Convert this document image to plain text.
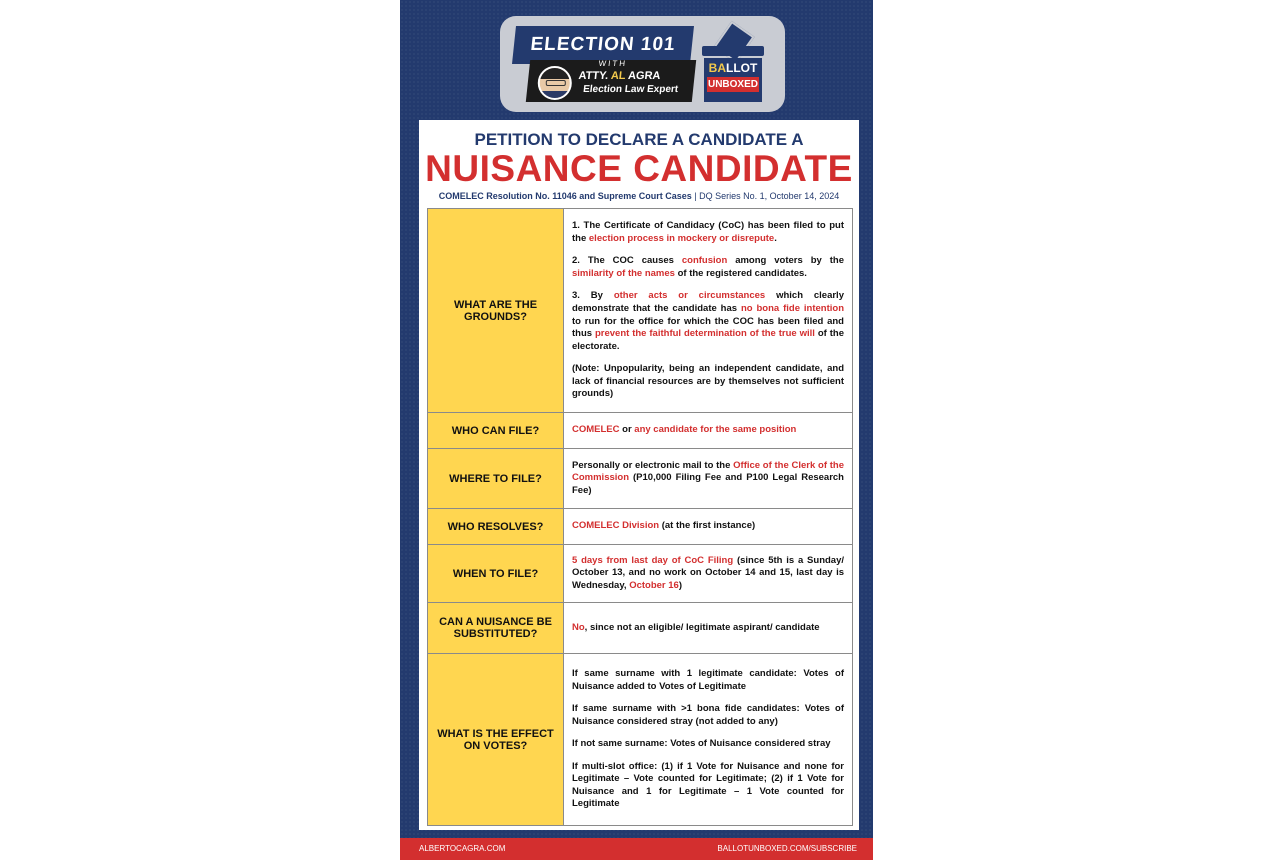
ELECTION 101
WITH
ATTY. AL AGRA
Election Law Expert
BALLOT
UNBOXED
PETITION TO DECLARE A CANDIDATE A
NUISANCE CANDIDATE
COMELEC Resolution No. 11046 and Supreme Court Cases | DQ Series No. 1, October 14, 2024
WHAT ARE THE GROUNDS?	1. The Certificate of Candidacy (CoC) has been filed to put the election process in mockery or disrepute.

2. The COC causes confusion among voters by the similarity of the names of the registered candidates.

3. By other acts or circumstances which clearly demonstrate that the candidate has no bona fide intention to run for the office for which the COC has been filed and thus prevent the faithful determination of the true will of the electorate.

(Note: Unpopularity, being an independent candidate, and lack of financial resources are by themselves not sufficient grounds)

WHO CAN FILE?	COMELEC or any candidate for the same position
WHERE TO FILE?	Personally or electronic mail to the Office of the Clerk of the Commission (P10,000 Filing Fee and P100 Legal Research Fee)
WHO RESOLVES?	COMELEC Division (at the first instance)
WHEN TO FILE?	5 days from last day of CoC Filing (since 5th is a Sunday/ October 13, and no work on October 14 and 15, last day is Wednesday, October 16)
CAN A NUISANCE BE SUBSTITUTED?	No, since not an eligible/ legitimate aspirant/ candidate
WHAT IS THE EFFECT ON VOTES?	If same surname with 1 legitimate candidate: Votes of Nuisance added to Votes of Legitimate

If same surname with >1 bona fide candidates: Votes of Nuisance considered stray (not added to any)

If not same surname: Votes of Nuisance considered stray

If multi-slot office: (1) if 1 Vote for Nuisance and none for Legitimate – Vote counted for Legitimate; (2) if 1 Vote for Nuisance and 1 for Legitimate – 1 Vote counted for Legitimate

ALBERTOCAGRA.COM	BALLOTUNBOXED.COM/SUBSCRIBE
